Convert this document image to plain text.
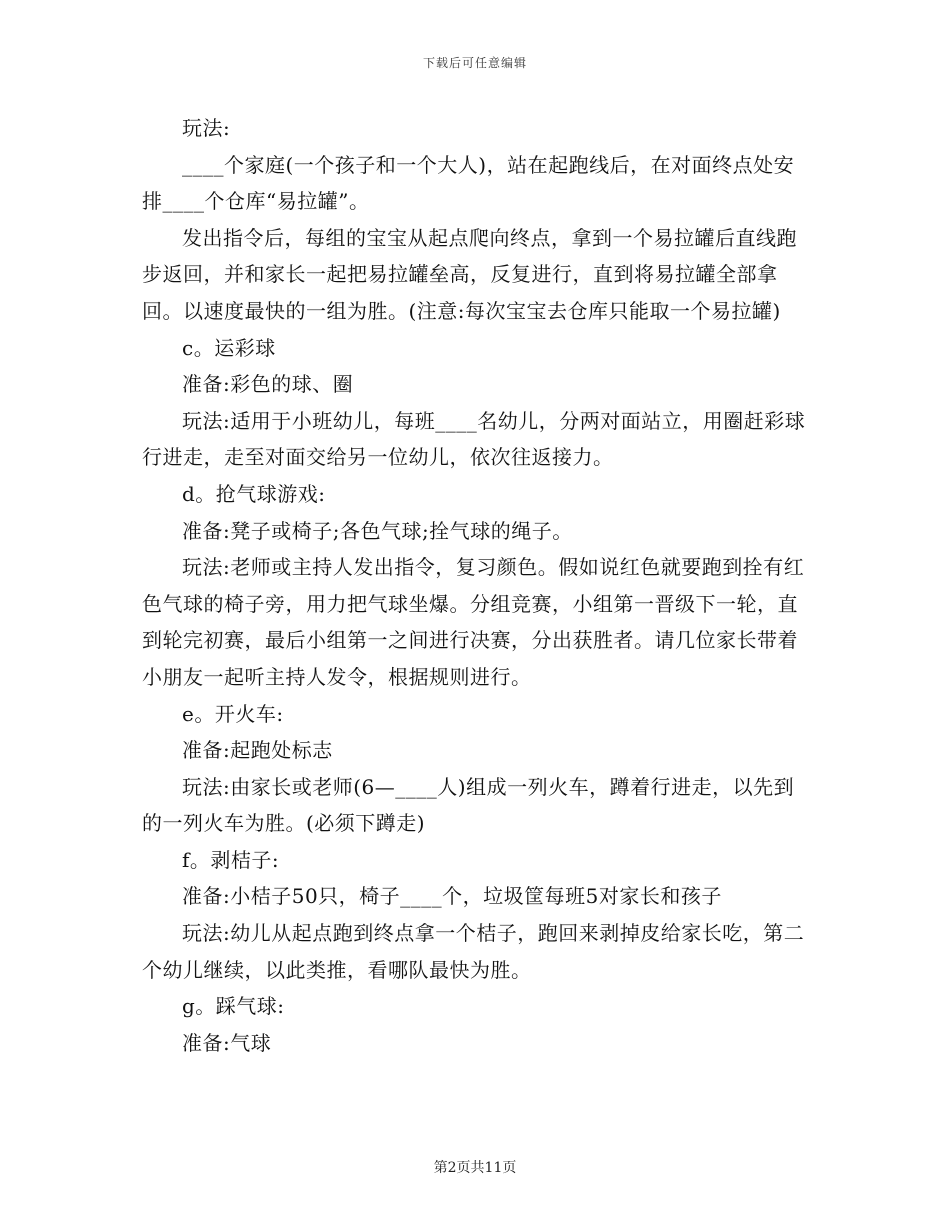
下载后可任意编辑

玩法:

____个家庭(一个孩子和一个大人)，站在起跑线后，在对面终点处安排____个仓库“易拉罐”。

发出指令后，每组的宝宝从起点爬向终点，拿到一个易拉罐后直线跑步返回，并和家长一起把易拉罐垒高，反复进行，直到将易拉罐全部拿回。以速度最快的一组为胜。(注意:每次宝宝去仓库只能取一个易拉罐)

c。运彩球

准备:彩色的球、圈

玩法:适用于小班幼儿，每班____名幼儿，分两对面站立，用圈赶彩球行进走，走至对面交给另一位幼儿，依次往返接力。

d。抢气球游戏:

准备:凳子或椅子;各色气球;拴气球的绳子。

玩法:老师或主持人发出指令，复习颜色。假如说红色就要跑到拴有红色气球的椅子旁，用力把气球坐爆。分组竞赛，小组第一晋级下一轮，直到轮完初赛，最后小组第一之间进行决赛，分出获胜者。请几位家长带着小朋友一起听主持人发令，根据规则进行。

e。开火车:

准备:起跑处标志

玩法:由家长或老师(6—____人)组成一列火车，蹲着行进走，以先到的一列火车为胜。(必须下蹲走)

f。剥桔子:

准备:小桔子50只，椅子____个，垃圾筐每班5对家长和孩子

玩法:幼儿从起点跑到终点拿一个桔子，跑回来剥掉皮给家长吃，第二个幼儿继续，以此类推，看哪队最快为胜。

g。踩气球:

准备:气球

第2页共11页
